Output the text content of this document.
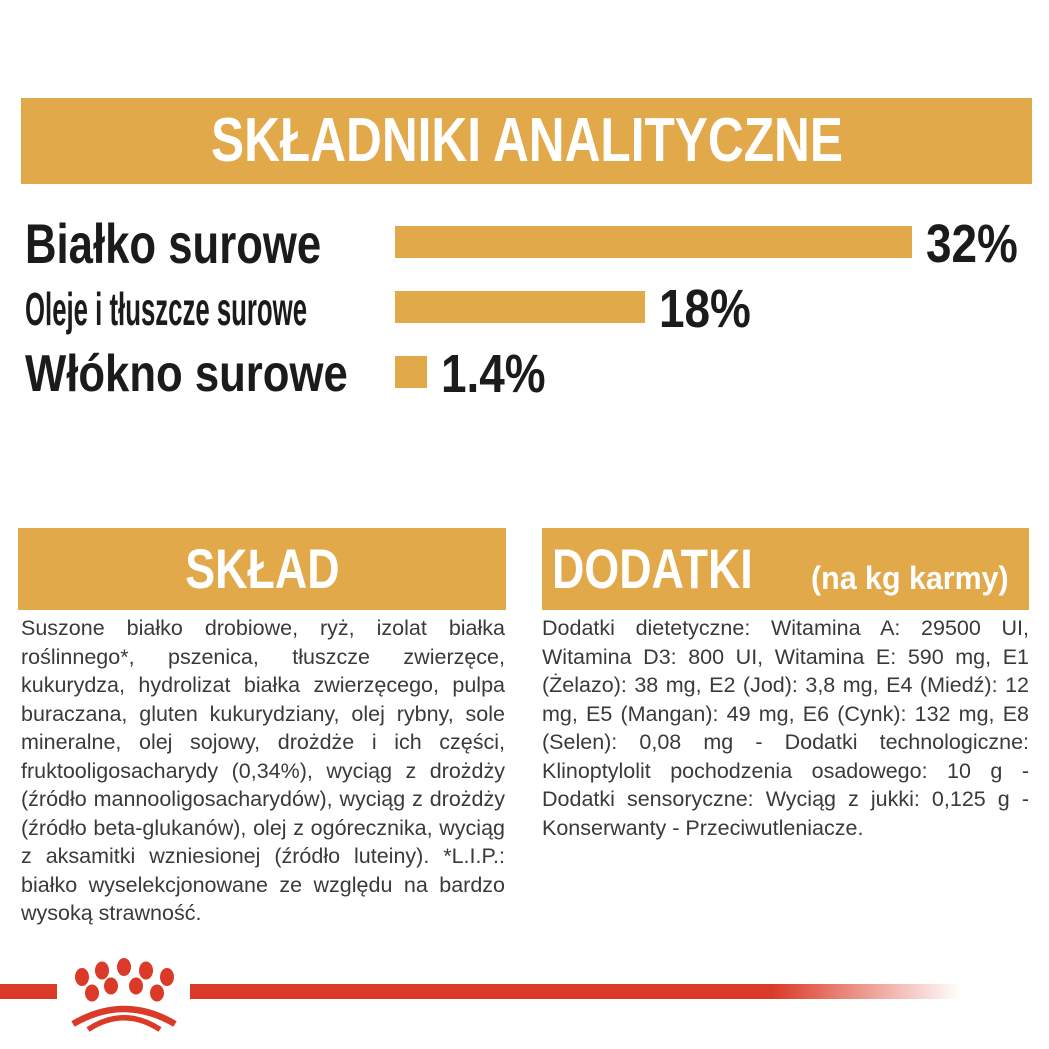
SKŁADNIKI ANALITYCZNE
Białko surowe	32%
Oleje i tłuszcze surowe	18%
Włókno surowe 1.4%
SKŁAD
Suszone białko drobiowe, ryż, izolat białka roślinnego*, pszenica, tłuszcze zwierzęce, kukurydza, hydrolizat białka zwierzęcego, pulpa buraczana, gluten kukurydziany, olej rybny, sole mineralne, olej sojowy, drożdże i ich części, fruktooligosacharydy (0,34%), wyciąg z drożdży (źródło mannooligosacharydów), wyciąg z drożdży (źródło beta-glukanów), olej z ogórecznika, wyciąg z aksamitki wzniesionej (źródło luteiny). *L.I.P.: białko wyselekcjonowane ze względu na bardzo wysoką strawność.
DODATKI (na kg karmy)
Dodatki dietetyczne: Witamina A: 29500 UI, Witamina D3: 800 UI, Witamina E: 590 mg, E1 (Żelazo): 38 mg, E2 (Jod): 3,8 mg, E4 (Miedź): 12 mg, E5 (Mangan): 49 mg, E6 (Cynk): 132 mg, E8 (Selen): 0,08 mg - Dodatki technologiczne: Klinoptylolit pochodzenia osadowego: 10 g - Dodatki sensoryczne: Wyciąg z jukki: 0,125 g - Konserwanty - Przeciwutleniacze.
